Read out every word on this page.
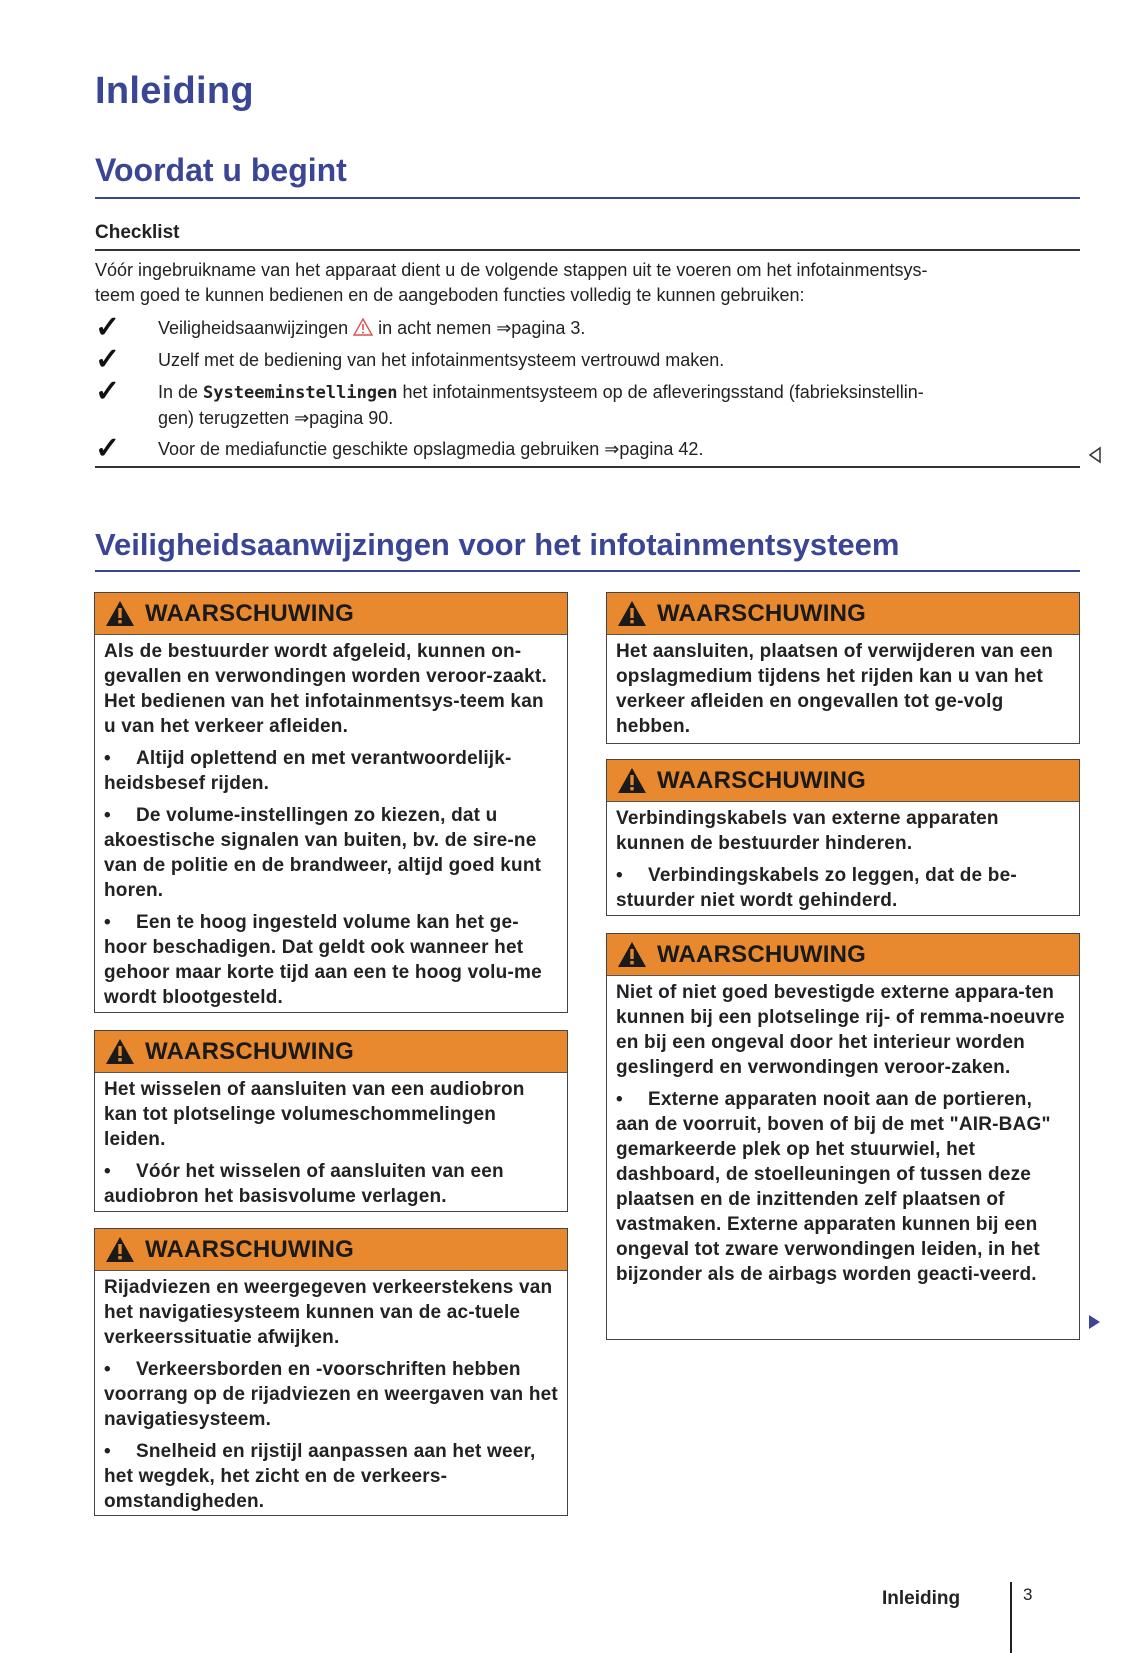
Inleiding
Voordat u begint
Checklist
Vóór ingebruikname van het apparaat dient u de volgende stappen uit te voeren om het infotainmentsys-
teem goed te kunnen bedienen en de aangeboden functies volledig te kunnen gebruiken:
✓ Veiligheidsaanwijzingen  in acht nemen ⇒pagina 3.
✓ Uzelf met de bediening van het infotainmentsysteem vertrouwd maken.
✓ In de Systeeminstellingen het infotainmentsysteem op de afleveringsstand (fabrieksinstellin-
gen) terugzetten ⇒pagina 90.
✓ Voor de mediafunctie geschikte opslagmedia gebruiken ⇒pagina 42.
Veiligheidsaanwijzingen voor het infotainmentsysteem
WAARSCHUWING

Als de bestuurder wordt afgeleid, kunnen on-gevallen en verwondingen worden veroor-zaakt. Het bedienen van het infotainmentsys-teem kan u van het verkeer afleiden.

• Altijd oplettend en met verantwoordelijk-heidsbesef rijden.

• De volume-instellingen zo kiezen, dat u akoestische signalen van buiten, bv. de sire-ne van de politie en de brandweer, altijd goed kunt horen.

• Een te hoog ingesteld volume kan het ge-hoor beschadigen. Dat geldt ook wanneer het gehoor maar korte tijd aan een te hoog volu-me wordt blootgesteld.

WAARSCHUWING

Het wisselen of aansluiten van een audiobron kan tot plotselinge volumeschommelingen leiden.

• Vóór het wisselen of aansluiten van een audiobron het basisvolume verlagen.

WAARSCHUWING

Rijadviezen en weergegeven verkeerstekens van het navigatiesysteem kunnen van de ac-tuele verkeerssituatie afwijken.

• Verkeersborden en -voorschriften hebben voorrang op de rijadviezen en weergaven van het navigatiesysteem.

• Snelheid en rijstijl aanpassen aan het weer, het wegdek, het zicht en de verkeers-omstandigheden.

WAARSCHUWING

Het aansluiten, plaatsen of verwijderen van een opslagmedium tijdens het rijden kan u van het verkeer afleiden en ongevallen tot ge-volg hebben.

WAARSCHUWING

Verbindingskabels van externe apparaten kunnen de bestuurder hinderen.

• Verbindingskabels zo leggen, dat de be-stuurder niet wordt gehinderd.

WAARSCHUWING

Niet of niet goed bevestigde externe appara-ten kunnen bij een plotselinge rij- of remma-noeuvre en bij een ongeval door het interieur worden geslingerd en verwondingen veroor-zaken.

• Externe apparaten nooit aan de portieren, aan de voorruit, boven of bij de met "AIR-BAG" gemarkeerde plek op het stuurwiel, het dashboard, de stoelleuningen of tussen deze plaatsen en de inzittenden zelf plaatsen of vastmaken. Externe apparaten kunnen bij een ongeval tot zware verwondingen leiden, in het bijzonder als de airbags worden geacti-veerd.

Inleiding	3
